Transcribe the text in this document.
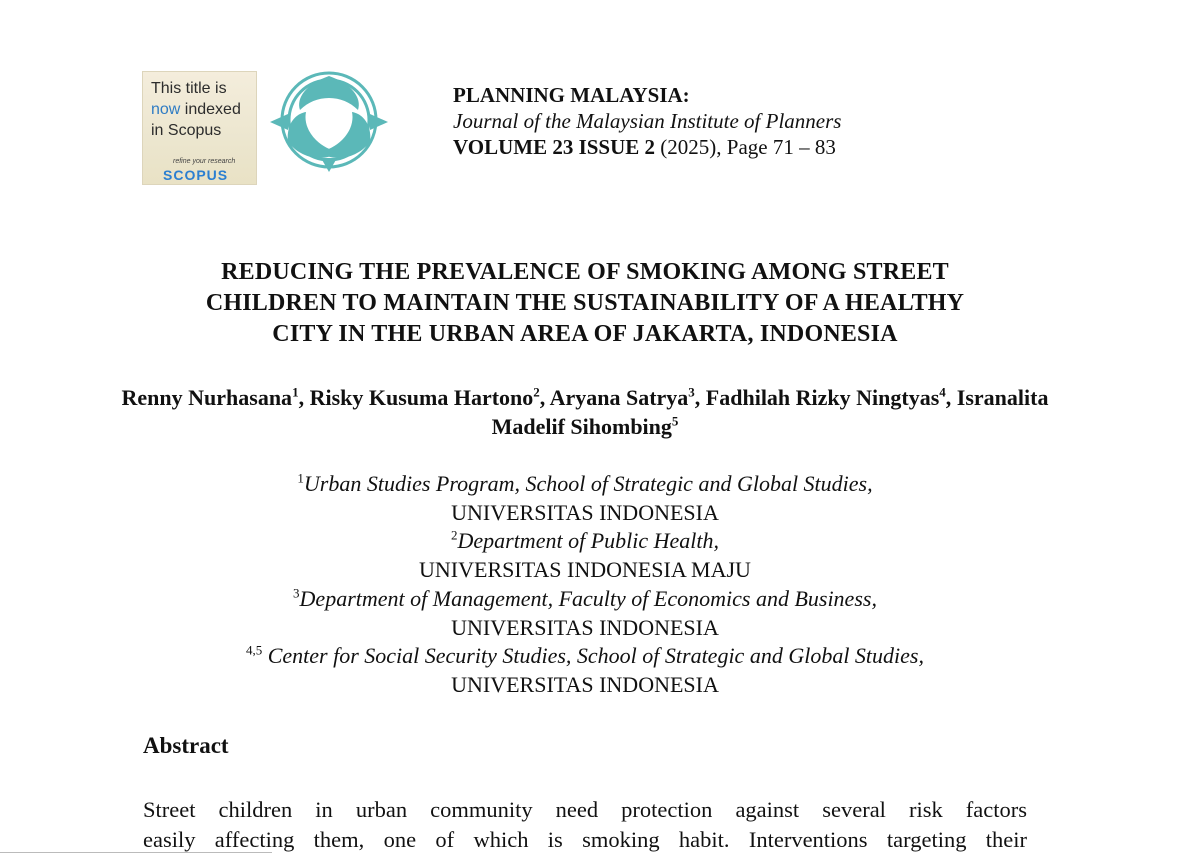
This title is
now indexed
in Scopus
refine your research
SCOPUS
PLANNING MALAYSIA:
Journal of the Malaysian Institute of Planners
VOLUME 23 ISSUE 2 (2025), Page 71 – 83
REDUCING THE PREVALENCE OF SMOKING AMONG STREET
CHILDREN TO MAINTAIN THE SUSTAINABILITY OF A HEALTHY
CITY IN THE URBAN AREA OF JAKARTA, INDONESIA
Renny Nurhasana$^1$, Risky Kusuma Hartono$^2$, Aryana Satrya$^3$, Fadhilah Rizky Ningtyas$^4$, Isranalita Madelif Sihombing$^5$
$^1$Urban Studies Program, School of Strategic and Global Studies,
UNIVERSITAS INDONESIA
$^2$Department of Public Health,
UNIVERSITAS INDONESIA MAJU
$^3$Department of Management, Faculty of Economics and Business,
UNIVERSITAS INDONESIA
$^{4,5}$ Center for Social Security Studies, School of Strategic and Global Studies,
UNIVERSITAS INDONESIA
Abstract
Street children in urban community need protection against several risk factors
easily affecting them, one of which is smoking habit. Interventions targeting their
